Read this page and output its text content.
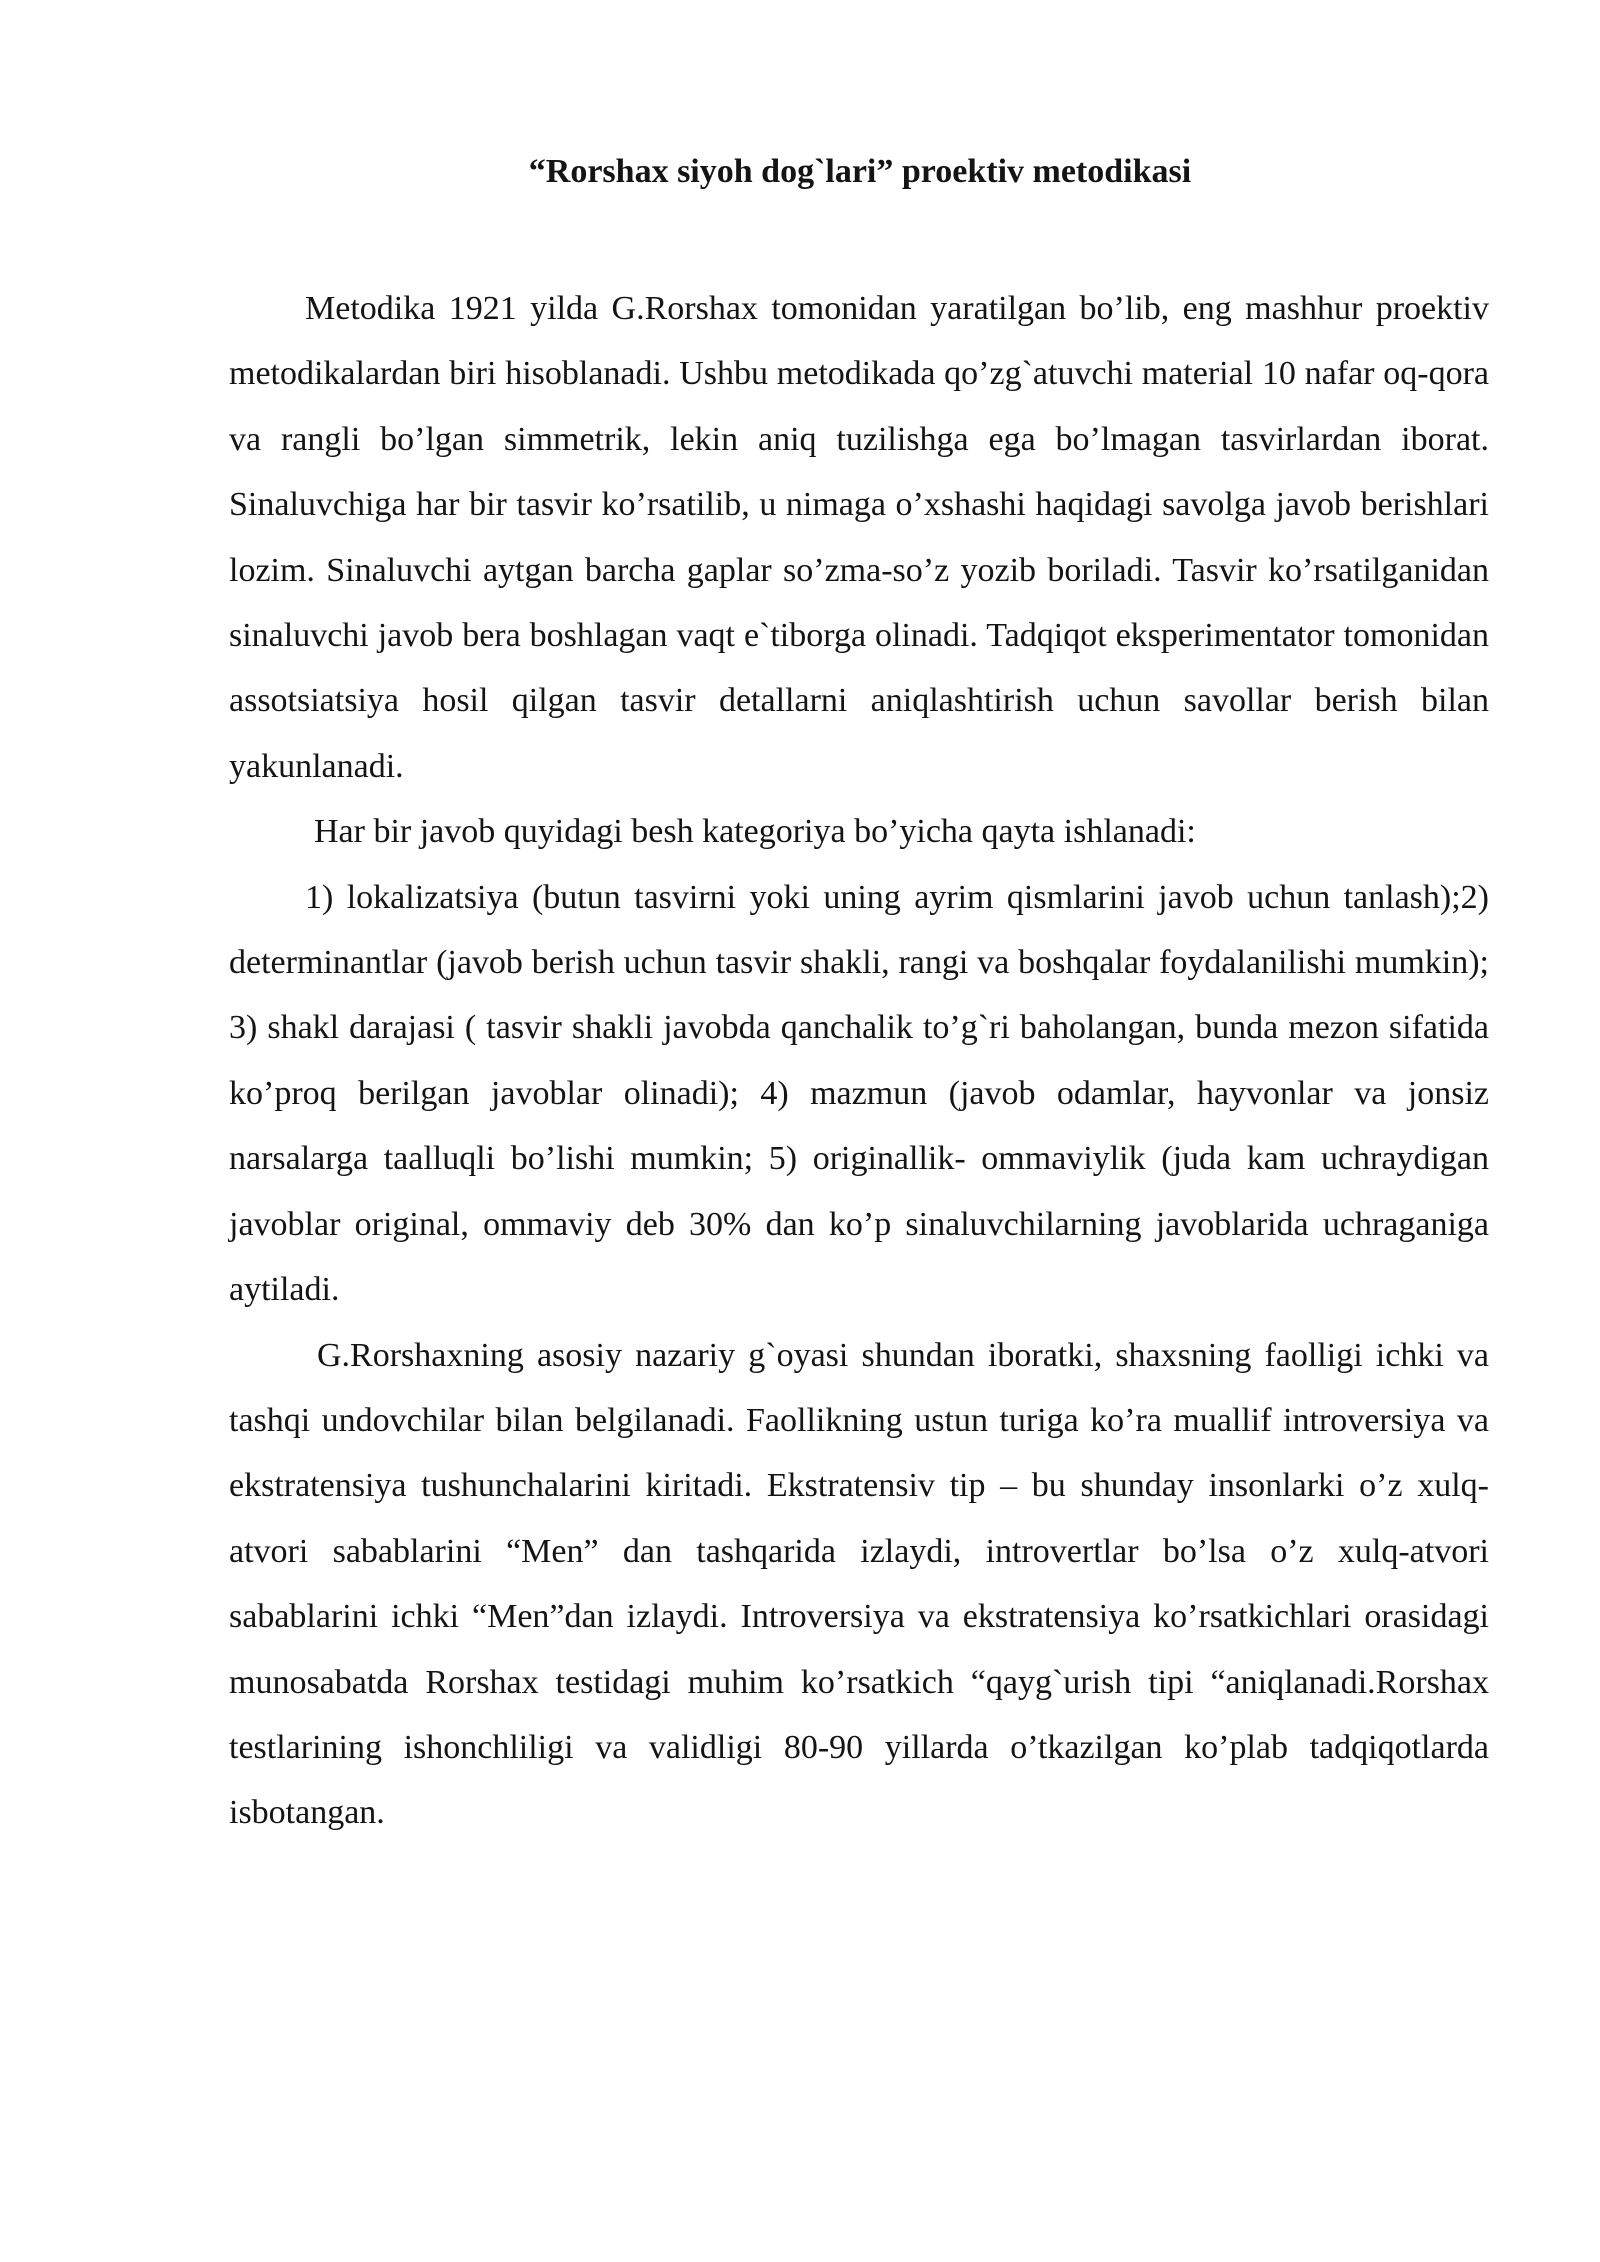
“Rorshax siyoh dog`lari” proektiv metodikasi

Metodika 1921 yilda G.Rorshax tomonidan yaratilgan bo’lib, eng mashhur proektiv metodikalardan biri hisoblanadi. Ushbu metodikada qo’zg`atuvchi material 10 nafar oq-qora va rangli bo’lgan simmetrik, lekin aniq tuzilishga ega bo’lmagan tasvirlardan iborat. Sinaluvchiga har bir tasvir ko’rsatilib, u nimaga o’xshashi haqidagi savolga javob berishlari lozim. Sinaluvchi aytgan barcha gaplar so’zma-so’z yozib boriladi. Tasvir ko’rsatilganidan sinaluvchi javob bera boshlagan vaqt e`tiborga olinadi. Tadqiqot eksperimentator tomonidan assotsiatsiya hosil qilgan tasvir detallarni aniqlashtirish uchun savollar berish bilan yakunlanadi.

Har bir javob quyidagi besh kategoriya bo’yicha qayta ishlanadi:

1) lokalizatsiya (butun tasvirni yoki uning ayrim qismlarini javob uchun tanlash);2) determinantlar (javob berish uchun tasvir shakli, rangi va boshqalar foydalanilishi mumkin); 3) shakl darajasi ( tasvir shakli javobda qanchalik to’g`ri baholangan, bunda mezon sifatida ko’proq berilgan javoblar olinadi); 4) mazmun (javob odamlar, hayvonlar va jonsiz narsalarga taalluqli bo’lishi mumkin; 5) originallik- ommaviylik (juda kam uchraydigan javoblar original, ommaviy deb 30% dan ko’p sinaluvchilarning javoblarida uchraganiga aytiladi.

G.Rorshaxning asosiy nazariy g`oyasi shundan iboratki, shaxsning faolligi ichki va tashqi undovchilar bilan belgilanadi. Faollikning ustun turiga ko’ra muallif introversiya va ekstratensiya tushunchalarini kiritadi. Ekstratensiv tip – bu shunday insonlarki o’z xulq-atvori sabablarini “Men” dan tashqarida izlaydi, introvertlar bo’lsa o’z xulq-atvori sabablarini ichki “Men”dan izlaydi. Introversiya va ekstratensiya ko’rsatkichlari orasidagi munosabatda Rorshax testidagi muhim ko’rsatkich “qayg`urish tipi “aniqlanadi.Rorshax testlarining ishonchliligi va validligi 80-90 yillarda o’tkazilgan ko’plab tadqiqotlarda isbotangan.
